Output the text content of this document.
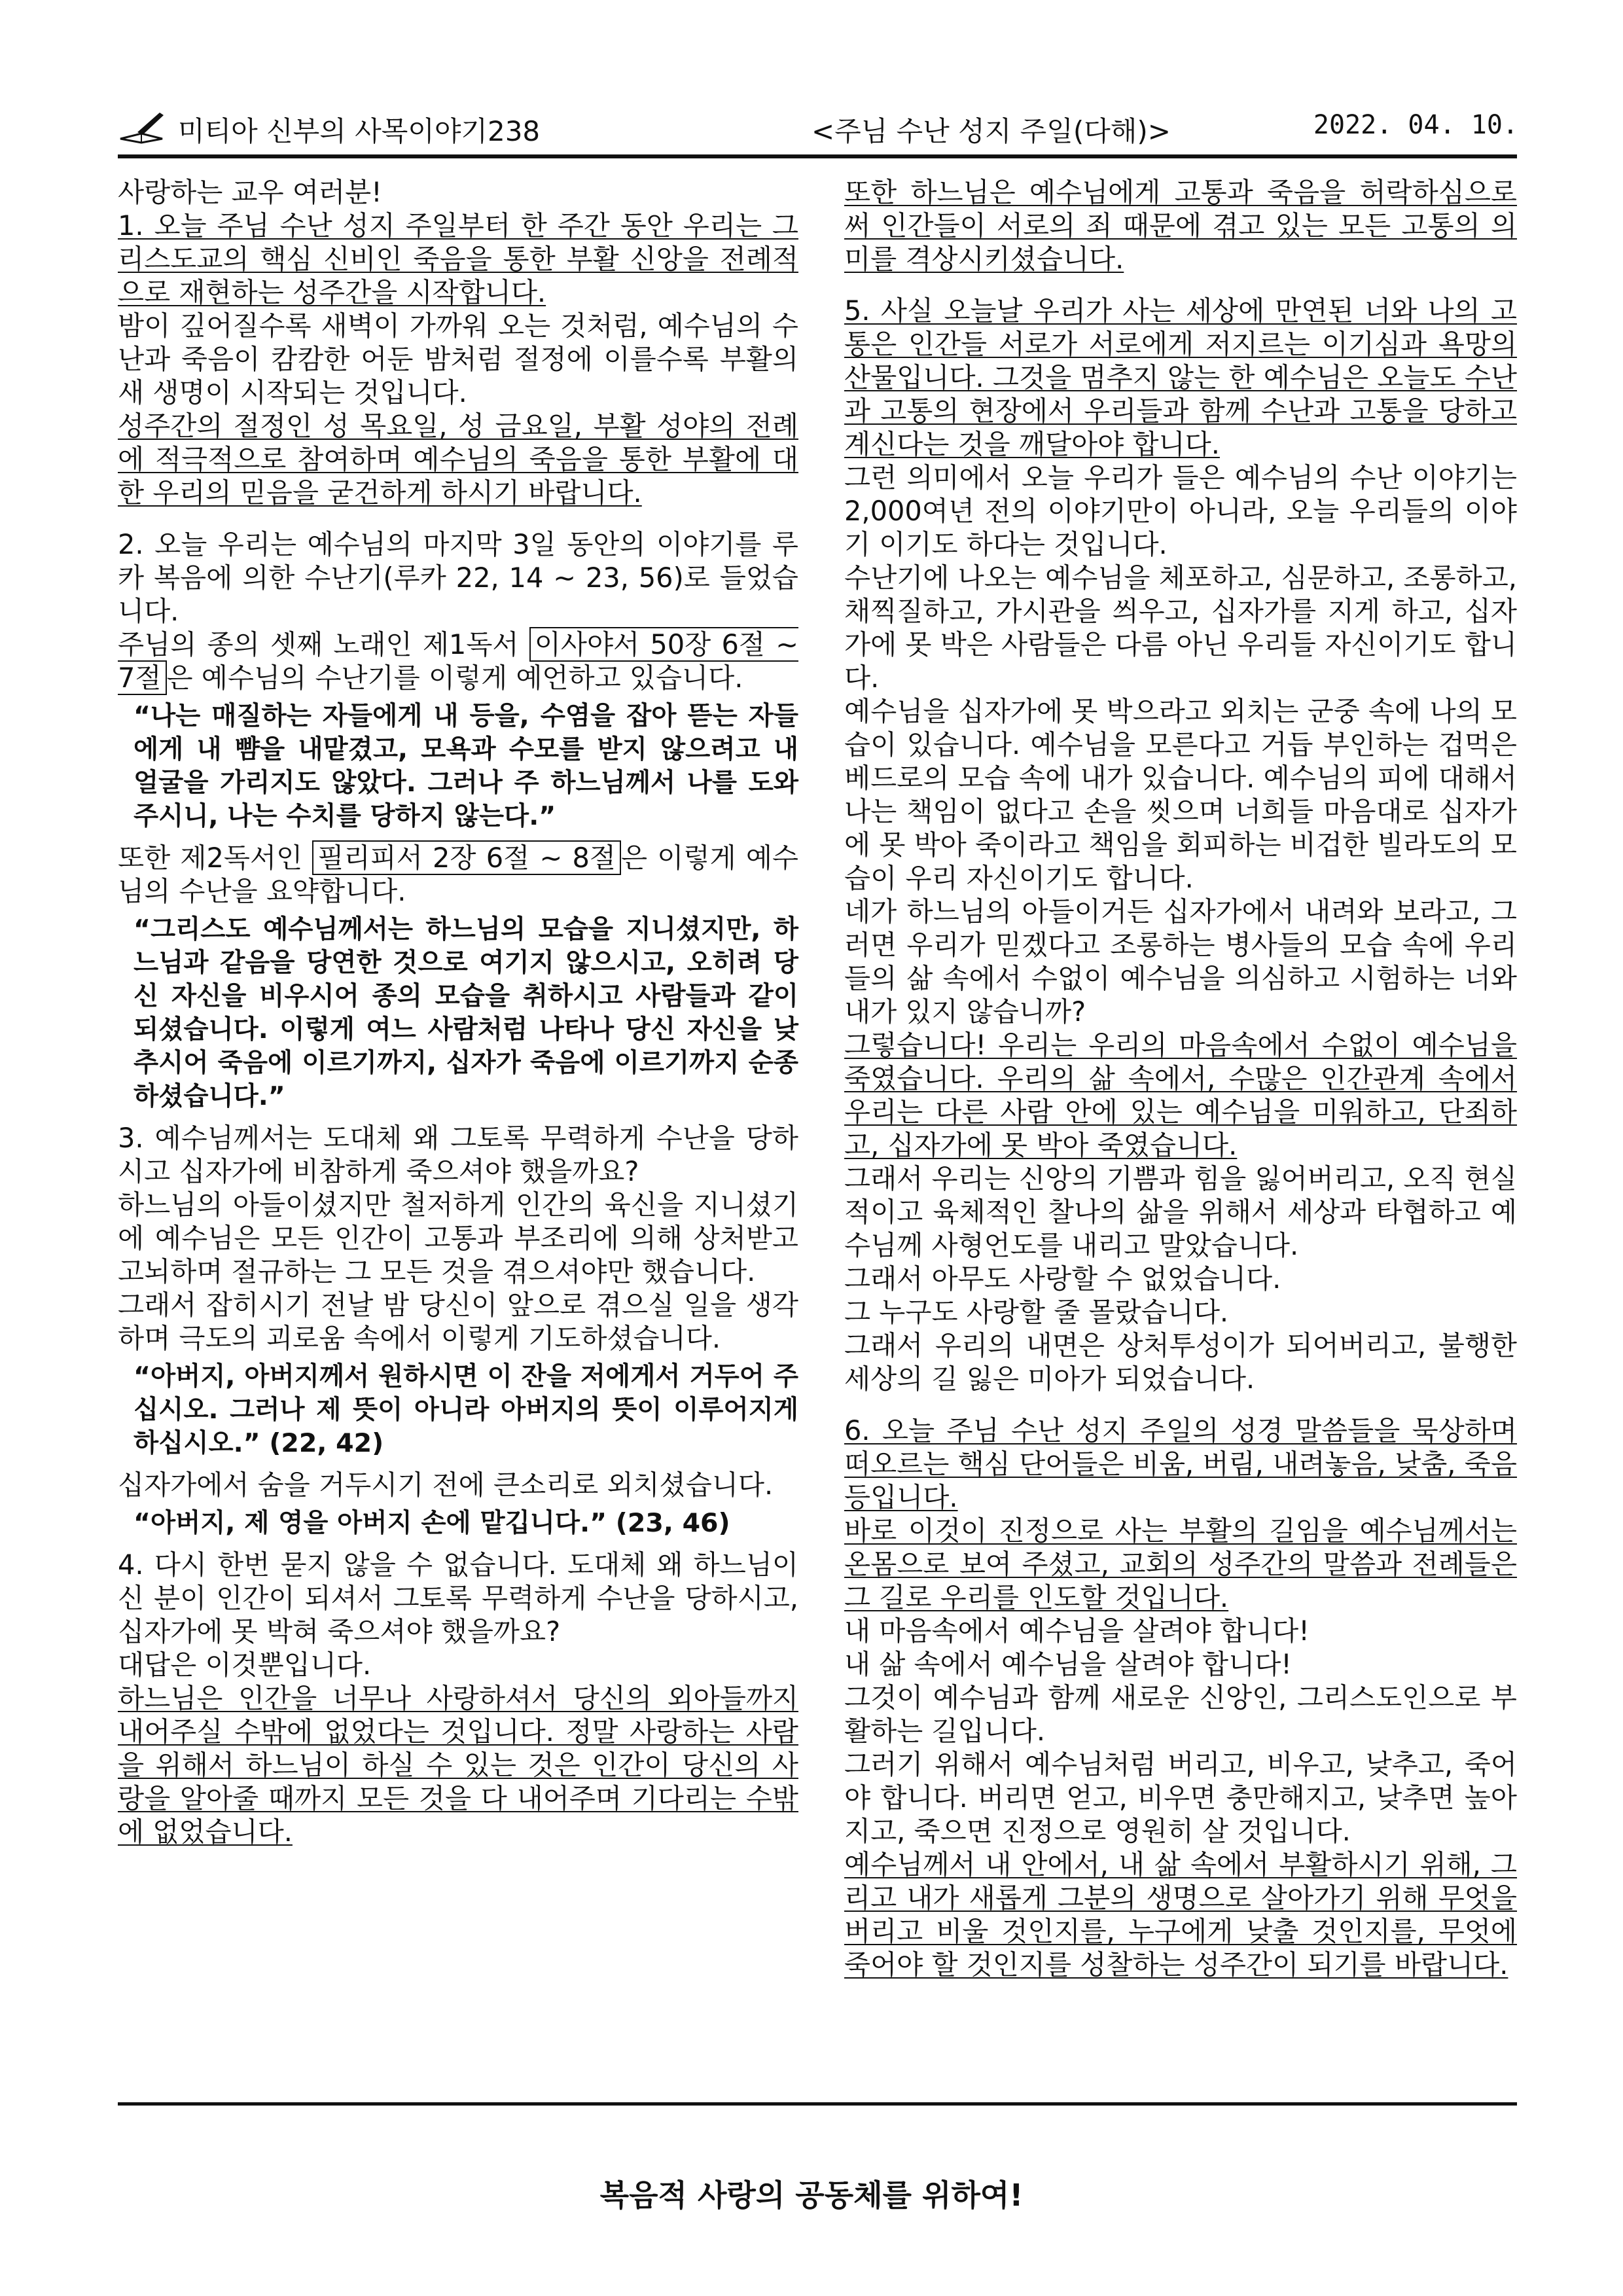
미티아 신부의 사목이야기238	<주님 수난 성지 주일(다해)>	2022. 04. 10.

사랑하는 교우 여러분!

1. 오늘 주님 수난 성지 주일부터 한 주간 동안 우리는 그리스도교의 핵심 신비인 죽음을 통한 부활 신앙을 전례적으로 재현하는 성주간을 시작합니다.

밤이 깊어질수록 새벽이 가까워 오는 것처럼, 예수님의 수난과 죽음이 캄캄한 어둔 밤처럼 절정에 이를수록 부활의 새 생명이 시작되는 것입니다.

성주간의 절정인 성 목요일, 성 금요일, 부활 성야의 전례에 적극적으로 참여하며 예수님의 죽음을 통한 부활에 대한 우리의 믿음을 굳건하게 하시기 바랍니다.

2. 오늘 우리는 예수님의 마지막 3일 동안의 이야기를 루카 복음에 의한 수난기(루카 22, 14 ~ 23, 56)로 들었습니다.

주님의 종의 셋째 노래인 제1독서 이사야서 50장 6절 ~ 7절 은 예수님의 수난기를 이렇게 예언하고 있습니다.

“나는 매질하는 자들에게 내 등을, 수염을 잡아 뜯는 자들에게 내 뺨을 내맡겼고, 모욕과 수모를 받지 않으려고 내 얼굴을 가리지도 않았다. 그러나 주 하느님께서 나를 도와주시니, 나는 수치를 당하지 않는다.”

또한 제2독서인 필리피서 2장 6절 ~ 8절 은 이렇게 예수님의 수난을 요약합니다.

“그리스도 예수님께서는 하느님의 모습을 지니셨지만, 하느님과 같음을 당연한 것으로 여기지 않으시고, 오히려 당신 자신을 비우시어 종의 모습을 취하시고 사람들과 같이 되셨습니다. 이렇게 여느 사람처럼 나타나 당신 자신을 낮추시어 죽음에 이르기까지, 십자가 죽음에 이르기까지 순종하셨습니다.”

3. 예수님께서는 도대체 왜 그토록 무력하게 수난을 당하시고 십자가에 비참하게 죽으셔야 했을까요?

하느님의 아들이셨지만 철저하게 인간의 육신을 지니셨기에 예수님은 모든 인간이 고통과 부조리에 의해 상처받고 고뇌하며 절규하는 그 모든 것을 겪으셔야만 했습니다.

그래서 잡히시기 전날 밤 당신이 앞으로 겪으실 일을 생각하며 극도의 괴로움 속에서 이렇게 기도하셨습니다.

“아버지, 아버지께서 원하시면 이 잔을 저에게서 거두어 주십시오. 그러나 제 뜻이 아니라 아버지의 뜻이 이루어지게 하십시오.” (22, 42)

십자가에서 숨을 거두시기 전에 큰소리로 외치셨습니다.

“아버지, 제 영을 아버지 손에 맡깁니다.” (23, 46)

4. 다시 한번 묻지 않을 수 없습니다. 도대체 왜 하느님이신 분이 인간이 되셔서 그토록 무력하게 수난을 당하시고, 십자가에 못 박혀 죽으셔야 했을까요?

대답은 이것뿐입니다.

하느님은 인간을 너무나 사랑하셔서 당신의 외아들까지 내어주실 수밖에 없었다는 것입니다. 정말 사랑하는 사람을 위해서 하느님이 하실 수 있는 것은 인간이 당신의 사랑을 알아줄 때까지 모든 것을 다 내어주며 기다리는 수밖에 없었습니다.

또한 하느님은 예수님에게 고통과 죽음을 허락하심으로써 인간들이 서로의 죄 때문에 겪고 있는 모든 고통의 의미를 격상시키셨습니다.

5. 사실 오늘날 우리가 사는 세상에 만연된 너와 나의 고통은 인간들 서로가 서로에게 저지르는 이기심과 욕망의 산물입니다. 그것을 멈추지 않는 한 예수님은 오늘도 수난과 고통의 현장에서 우리들과 함께 수난과 고통을 당하고 계신다는 것을 깨달아야 합니다.

그런 의미에서 오늘 우리가 들은 예수님의 수난 이야기는 2,000여년 전의 이야기만이 아니라, 오늘 우리들의 이야기 이기도 하다는 것입니다.

수난기에 나오는 예수님을 체포하고, 심문하고, 조롱하고, 채찍질하고, 가시관을 씌우고, 십자가를 지게 하고, 십자가에 못 박은 사람들은 다름 아닌 우리들 자신이기도 합니다.

예수님을 십자가에 못 박으라고 외치는 군중 속에 나의 모습이 있습니다. 예수님을 모른다고 거듭 부인하는 겁먹은 베드로의 모습 속에 내가 있습니다. 예수님의 피에 대해서 나는 책임이 없다고 손을 씻으며 너희들 마음대로 십자가에 못 박아 죽이라고 책임을 회피하는 비겁한 빌라도의 모습이 우리 자신이기도 합니다.

네가 하느님의 아들이거든 십자가에서 내려와 보라고, 그러면 우리가 믿겠다고 조롱하는 병사들의 모습 속에 우리들의 삶 속에서 수없이 예수님을 의심하고 시험하는 너와 내가 있지 않습니까?

그렇습니다! 우리는 우리의 마음속에서 수없이 예수님을 죽였습니다. 우리의 삶 속에서, 수많은 인간관계 속에서 우리는 다른 사람 안에 있는 예수님을 미워하고, 단죄하고, 십자가에 못 박아 죽였습니다.

그래서 우리는 신앙의 기쁨과 힘을 잃어버리고, 오직 현실적이고 육체적인 찰나의 삶을 위해서 세상과 타협하고 예수님께 사형언도를 내리고 말았습니다.

그래서 아무도 사랑할 수 없었습니다.

그 누구도 사랑할 줄 몰랐습니다.

그래서 우리의 내면은 상처투성이가 되어버리고, 불행한 세상의 길 잃은 미아가 되었습니다.

6. 오늘 주님 수난 성지 주일의 성경 말씀들을 묵상하며 떠오르는 핵심 단어들은 비움, 버림, 내려놓음, 낮춤, 죽음 등입니다.

바로 이것이 진정으로 사는 부활의 길임을 예수님께서는 온몸으로 보여 주셨고, 교회의 성주간의 말씀과 전례들은 그 길로 우리를 인도할 것입니다.

내 마음속에서 예수님을 살려야 합니다!

내 삶 속에서 예수님을 살려야 합니다!

그것이 예수님과 함께 새로운 신앙인, 그리스도인으로 부활하는 길입니다.

그러기 위해서 예수님처럼 버리고, 비우고, 낮추고, 죽어야 합니다. 버리면 얻고, 비우면 충만해지고, 낮추면 높아지고, 죽으면 진정으로 영원히 살 것입니다.

예수님께서 내 안에서, 내 삶 속에서 부활하시기 위해, 그리고 내가 새롭게 그분의 생명으로 살아가기 위해 무엇을 버리고 비울 것인지를, 누구에게 낮출 것인지를, 무엇에 죽어야 할 것인지를 성찰하는 성주간이 되기를 바랍니다.

복음적 사랑의 공동체를 위하여!
